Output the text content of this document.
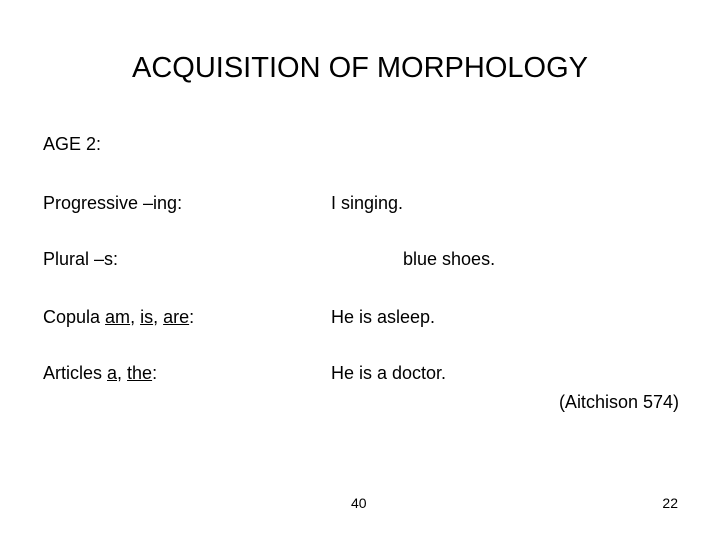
ACQUISITION OF MORPHOLOGY
AGE 2:
Progressive –ing:	I singing.
Plural –s:	blue shoes.
Copula am, is, are:	He is asleep.
Articles a, the:	He is a doctor.
(Aitchison 574)
40	22
